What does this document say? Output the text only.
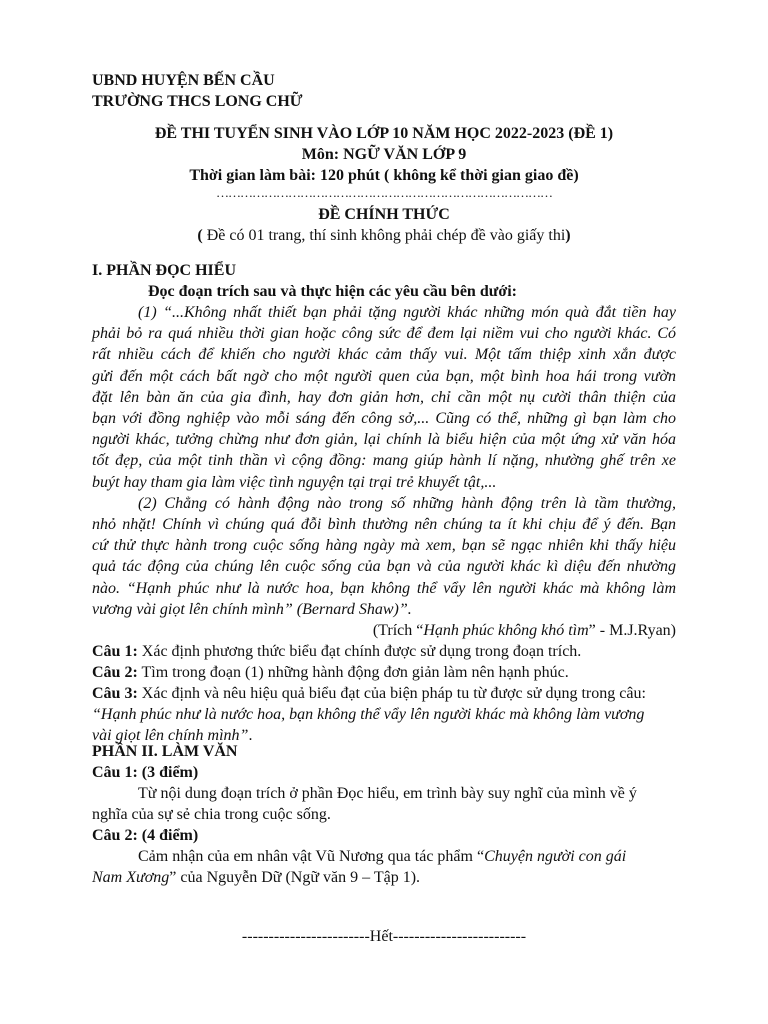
UBND HUYỆN BẾN CẦU
TRƯỜNG THCS LONG CHỮ
ĐỀ THI TUYỂN SINH VÀO LỚP 10 NĂM HỌC 2022-2023 (ĐỀ 1)
Môn: NGỮ VĂN LỚP 9
Thời gian làm bài: 120 phút ( không kể thời gian giao đề)
…………………………………………………………………………
ĐỀ CHÍNH THỨC
( Đề có 01 trang, thí sinh không phải chép đề vào giấy thi)
I. PHẦN ĐỌC HIỂU
Đọc đoạn trích sau và thực hiện các yêu cầu bên dưới:
(1) “...Không nhất thiết bạn phải tặng người khác những món quà đắt tiền hay
phải bỏ ra quá nhiều thời gian hoặc công sức để đem lại niềm vui cho người khác. Có
rất nhiều cách để khiến cho người khác cảm thấy vui. Một tấm thiệp xinh xắn được
gửi đến một cách bất ngờ cho một người quen của bạn, một bình hoa hái trong vườn
đặt lên bàn ăn của gia đình, hay đơn giản hơn, chỉ cần một nụ cười thân thiện của
bạn với đồng nghiệp vào mỗi sáng đến công sở,... Cũng có thể, những gì bạn làm cho
người khác, tưởng chừng như đơn giản, lại chính là biểu hiện của một ứng xử văn hóa
tốt đẹp, của một tinh thần vì cộng đồng: mang giúp hành lí nặng, nhường ghế trên xe
buýt hay tham gia làm việc tình nguyện tại trại trẻ khuyết tật,...
(2) Chẳng có hành động nào trong số những hành động trên là tầm thường,
nhỏ nhặt! Chính vì chúng quá đỗi bình thường nên chúng ta ít khi chịu để ý đến. Bạn
cứ thử thực hành trong cuộc sống hàng ngày mà xem, bạn sẽ ngạc nhiên khi thấy hiệu
quả tác động của chúng lên cuộc sống của bạn và của người khác kì diệu đến nhường
nào. “Hạnh phúc như là nước hoa, bạn không thể vẩy lên người khác mà không làm
vương vài giọt lên chính mình” (Bernard Shaw)”.
(Trích “Hạnh phúc không khó tìm” - M.J.Ryan)
Câu 1: Xác định phương thức biểu đạt chính được sử dụng trong đoạn trích.
Câu 2: Tìm trong đoạn (1) những hành động đơn giản làm nên hạnh phúc.
Câu 3: Xác định và nêu hiệu quả biểu đạt của biện pháp tu từ được sử dụng trong câu:
“Hạnh phúc như là nước hoa, bạn không thể vẩy lên người khác mà không làm vương
vài giọt lên chính mình”.
PHẦN II. LÀM VĂN
Câu 1: (3 điểm)
Từ nội dung đoạn trích ở phần Đọc hiểu, em trình bày suy nghĩ của mình về ý
nghĩa của sự sẻ chia trong cuộc sống.
Câu 2: (4 điểm)
Cảm nhận của em nhân vật Vũ Nương qua tác phẩm “Chuyện người con gái
Nam Xương” của Nguyễn Dữ (Ngữ văn 9 – Tập 1).
------------------------Hết-------------------------
